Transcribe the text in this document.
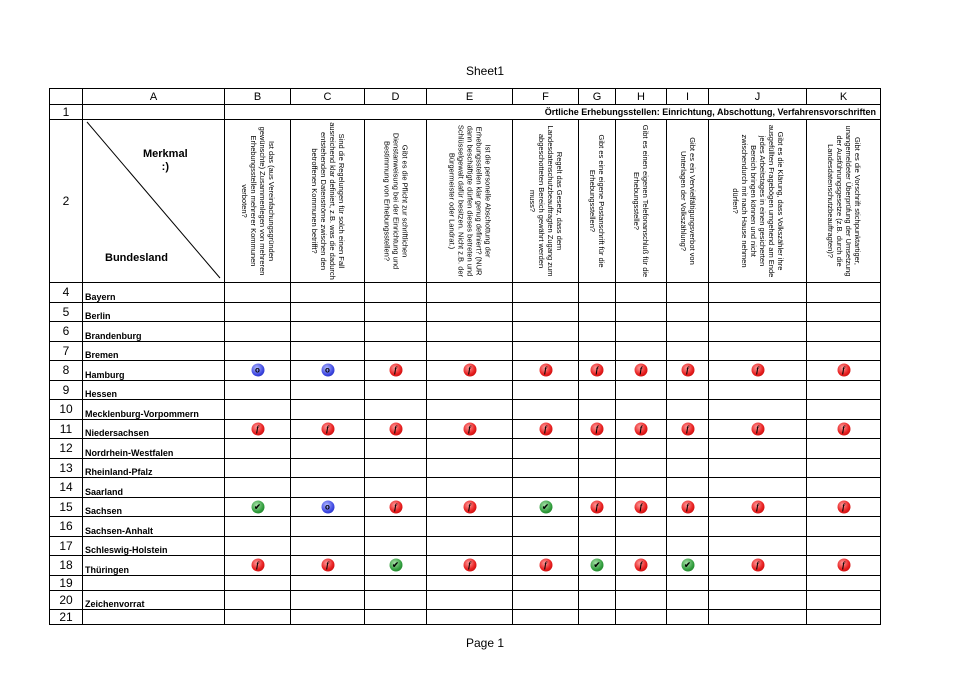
Sheet1
	A	B	C	D	E	F	G	H	I	J	K
1		Örtliche Erhebungsstellen: Einrichtung, Abschottung, Verfahrensvorschriften									
2	Merkmal
:)
Bundesland	Ist das (aus Vereinfachungsgründen gewünschte) Zusammenlegen von mehreren Erhebungsstellen mehrerer Kommunen verboten?	Sind die Regelungen für solch einen Fall ausreichend klar definiert, z.B. was die dadurch entstehenden Datenströme zwischen den betroffenen Kommunen betrifft?	Gibt es die Pflicht zur schriftlichen Dienstanweisung bei der Einrichtung und Bestimmung von Erhebungsstellen?	Ist die personelle Abschottung der Erhebungsstellen klar genug definiert? (NUR dann beschäftigte dürfen dieses betreten und Schlüsselgewalt dafür besitzen. Nicht z.B. der Bürgermeister oder Landrat.)	Regelt das Gesetz, dass dem Landesdatenschutzbeauftragten Zugang zum abgeschotteten Bereich gewährt werden muss?	Gibt es eine eigene Postanschrift für die Erhebungsstellen?	Gibt es einen eigenen Telefonanschluß für die Erhebungsstelle?	Gibt es ein Vervielfältigungsverbot von Unterlagen der Volkszählung?	Gibt es die Klärung, dass Volkszähler ihre ausgefüllten Fragebögen umgehend am Ende jedes Arbeitstages in einen gesicherten Bereich bringen können und nicht zwischendurch mit nach Hause nehmen dürfen?	Gibt es die Vorschrift stichpunktartiger, unangemeldeter Überprüfung der Umsetzung der Ausführungsgesetze (z.B. durch die Landesdatenschutzbeauftragten)?

4	Bayern										
5	Berlin										
6	Brandenburg										
7	Bremen										
8	Hamburg	o	o	f	f	f	f	f	f	f	f

9	Hessen										
10	Mecklenburg-Vorpommern										
11	Niedersachsen	f	f	f	f	f	f	f	f	f	f

12	Nordrhein-Westfalen										
13	Rheinland-Pfalz										
14	Saarland										
15	Sachsen	✔	o	f	f	✔	f	f	f	f	f

16	Sachsen-Anhalt										
17	Schleswig-Holstein										
18	Thüringen	f	f	✔	f	f	✔	f	✔	f	f

19											
20	Zeichenvorrat										
21											
Page 1
